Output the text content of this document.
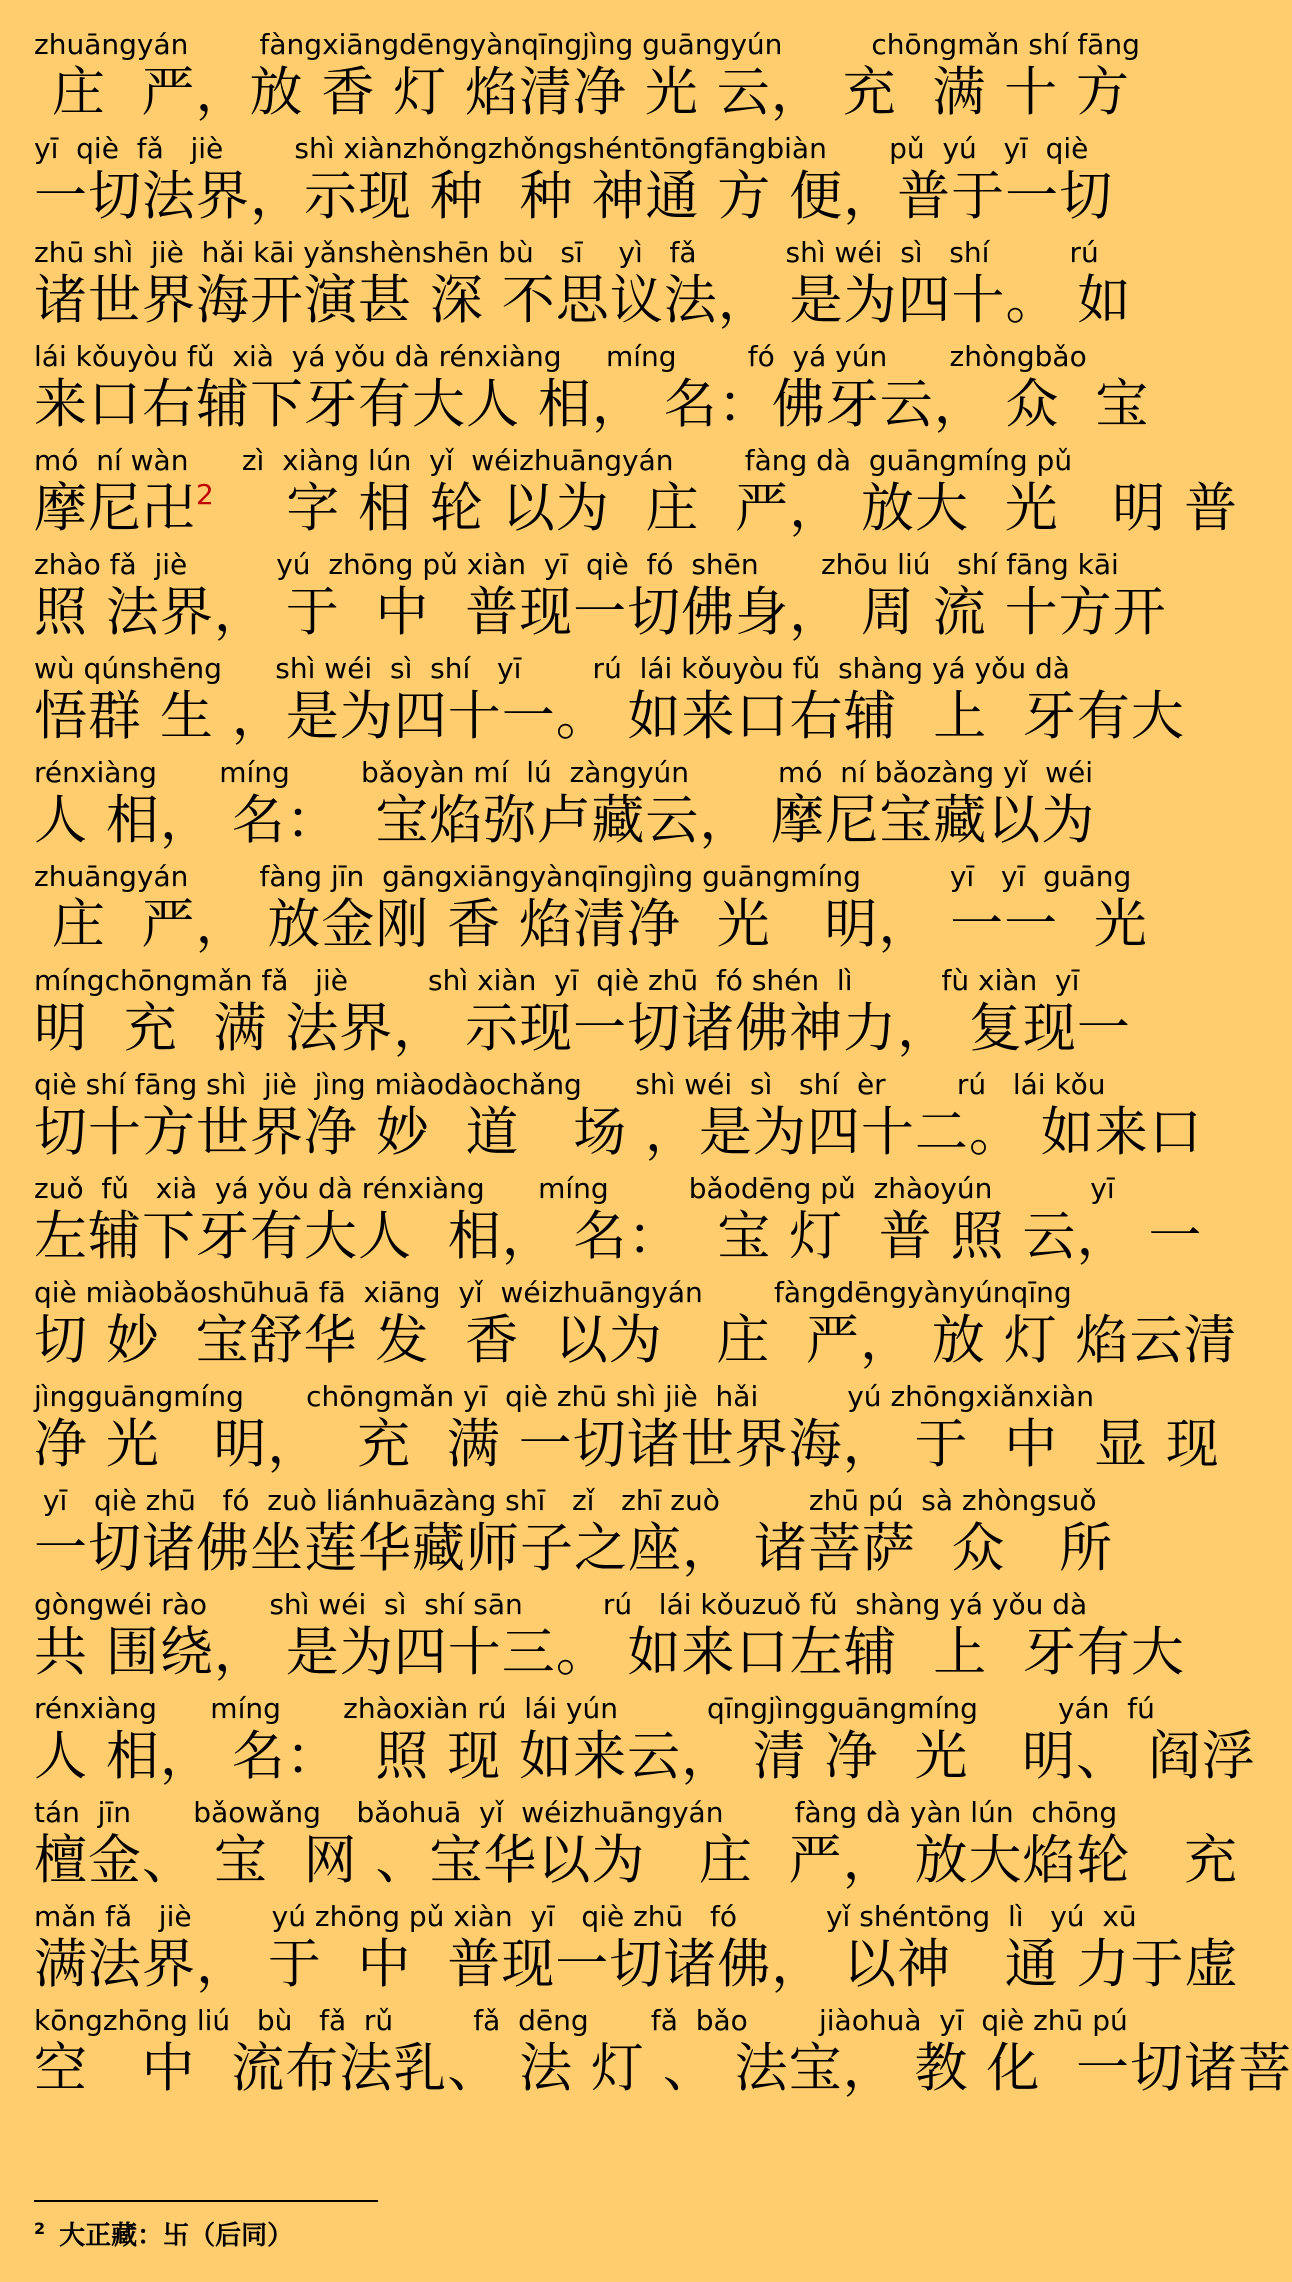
zhuāngyán        fàngxiāngdēngyànqīngjìng guāngyún          chōngmǎn shí fāng
庄  严，放 香 灯 焰清净 光 云， 充  满 十 方
yī  qiè  fǎ   jiè        shì xiànzhǒngzhǒngshéntōngfāngbiàn       pǔ  yú   yī  qiè
一切法界，示现 种  种 神通 方 便，普于一切
zhū shì  jiè  hǎi kāi yǎnshènshēn bù   sī    yì   fǎ          shì wéi  sì   shí         rú
诸世界海开演甚 深 不思议法， 是为四十。 如
lái kǒuyòu fǔ  xià  yá yǒu dà rénxiàng     míng        fó  yá yún       zhòngbǎo
来口右辅下牙有大人 相， 名：佛牙云， 众  宝
mó  ní wàn      zì  xiàng lún  yǐ  wéizhuāngyán        fàng dà  guāngmíng pǔ
摩尼卍$^2$    字 相 轮 以为  庄  严， 放大  光   明 普
zhào fǎ  jiè          yú  zhōng pǔ xiàn  yī  qiè  fó  shēn       zhōu liú   shí fāng kāi
照 法界， 于  中  普现一切佛身， 周 流 十方开
wù qúnshēng      shì wéi  sì  shí   yī        rú  lái kǒuyòu fǔ  shàng yá yǒu dà
悟群 生 ，是为四十一。 如来口右辅  上  牙有大
rénxiàng       míng        bǎoyàn mí  lú  zàngyún          mó  ní bǎozàng yǐ  wéi
人 相， 名：  宝焰弥卢藏云， 摩尼宝藏以为
zhuāngyán        fàng jīn  gāngxiāngyànqīngjìng guāngmíng          yī   yī  guāng
庄  严， 放金刚 香 焰清净  光   明， 一一  光
míngchōngmǎn fǎ   jiè         shì xiàn  yī  qiè zhū  fó shén  lì          fù xiàn  yī
明  充  满 法界， 示现一切诸佛神力， 复现一
qiè shí fāng shì  jiè  jìng miàodàochǎng      shì wéi  sì   shí  èr        rú   lái kǒu
切十方世界净 妙  道   场 ，是为四十二。 如来口
zuǒ  fǔ   xià  yá yǒu dà rénxiàng      míng         bǎodēng pǔ  zhàoyún           yī
左辅下牙有大人  相， 名：  宝 灯  普 照 云， 一
qiè miàobǎoshūhuā fā  xiāng  yǐ  wéizhuāngyán        fàngdēngyànyúnqīng
切 妙  宝舒华 发  香  以为   庄  严， 放 灯 焰云清
jìngguāngmíng       chōngmǎn yī  qiè zhū shì jiè  hǎi          yú zhōngxiǎnxiàn
净 光   明，  充  满 一切诸世界海， 于  中  显 现
yī   qiè zhū   fó  zuò liánhuāzàng shī   zǐ   zhī zuò          zhū pú  sà zhòngsuǒ
一切诸佛坐莲华藏师子之座， 诸菩萨  众   所
gòngwéi rào       shì wéi  sì  shí sān         rú   lái kǒuzuǒ fǔ  shàng yá yǒu dà
共 围绕， 是为四十三。 如来口左辅  上  牙有大
rénxiàng      míng       zhàoxiàn rú  lái yún          qīngjìngguāngmíng         yán  fú
人 相， 名：  照 现 如来云， 清 净  光   明、 阎浮
tán  jīn       bǎowǎng    bǎohuā  yǐ  wéizhuāngyán        fàng dà yàn lún  chōng
檀金、 宝  网 、宝华以为   庄  严， 放大焰轮   充
mǎn fǎ   jiè         yú zhōng pǔ xiàn  yī   qiè zhū   fó          yǐ shéntōng  lì   yú  xū
满法界， 于  中  普现一切诸佛， 以神   通 力于虚
kōngzhōng liú   bù   fǎ  rǔ         fǎ  dēng       fǎ  bǎo        jiàohuà  yī  qiè zhū pú
空   中  流布法乳、 法 灯 、 法宝， 教 化  一切诸菩
$^2$ 大正藏：卐（后同）
